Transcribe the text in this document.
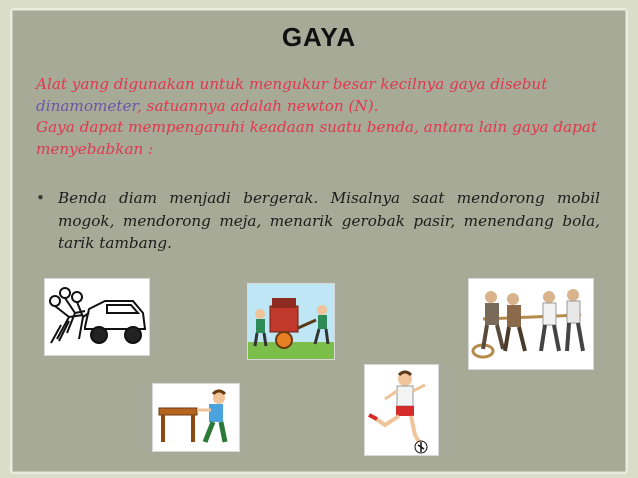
GAYA
Alat yang digunakan untuk mengukur besar kecilnya gaya disebut dinamometer, satuannya adalah newton (N).
Gaya dapat mempengaruhi keadaan suatu benda, antara lain gaya dapat menyebabkan :
• Benda diam menjadi bergerak. Misalnya saat mendorong mobil mogok, mendorong meja, menarik gerobak pasir, menendang bola, tarik tambang.
